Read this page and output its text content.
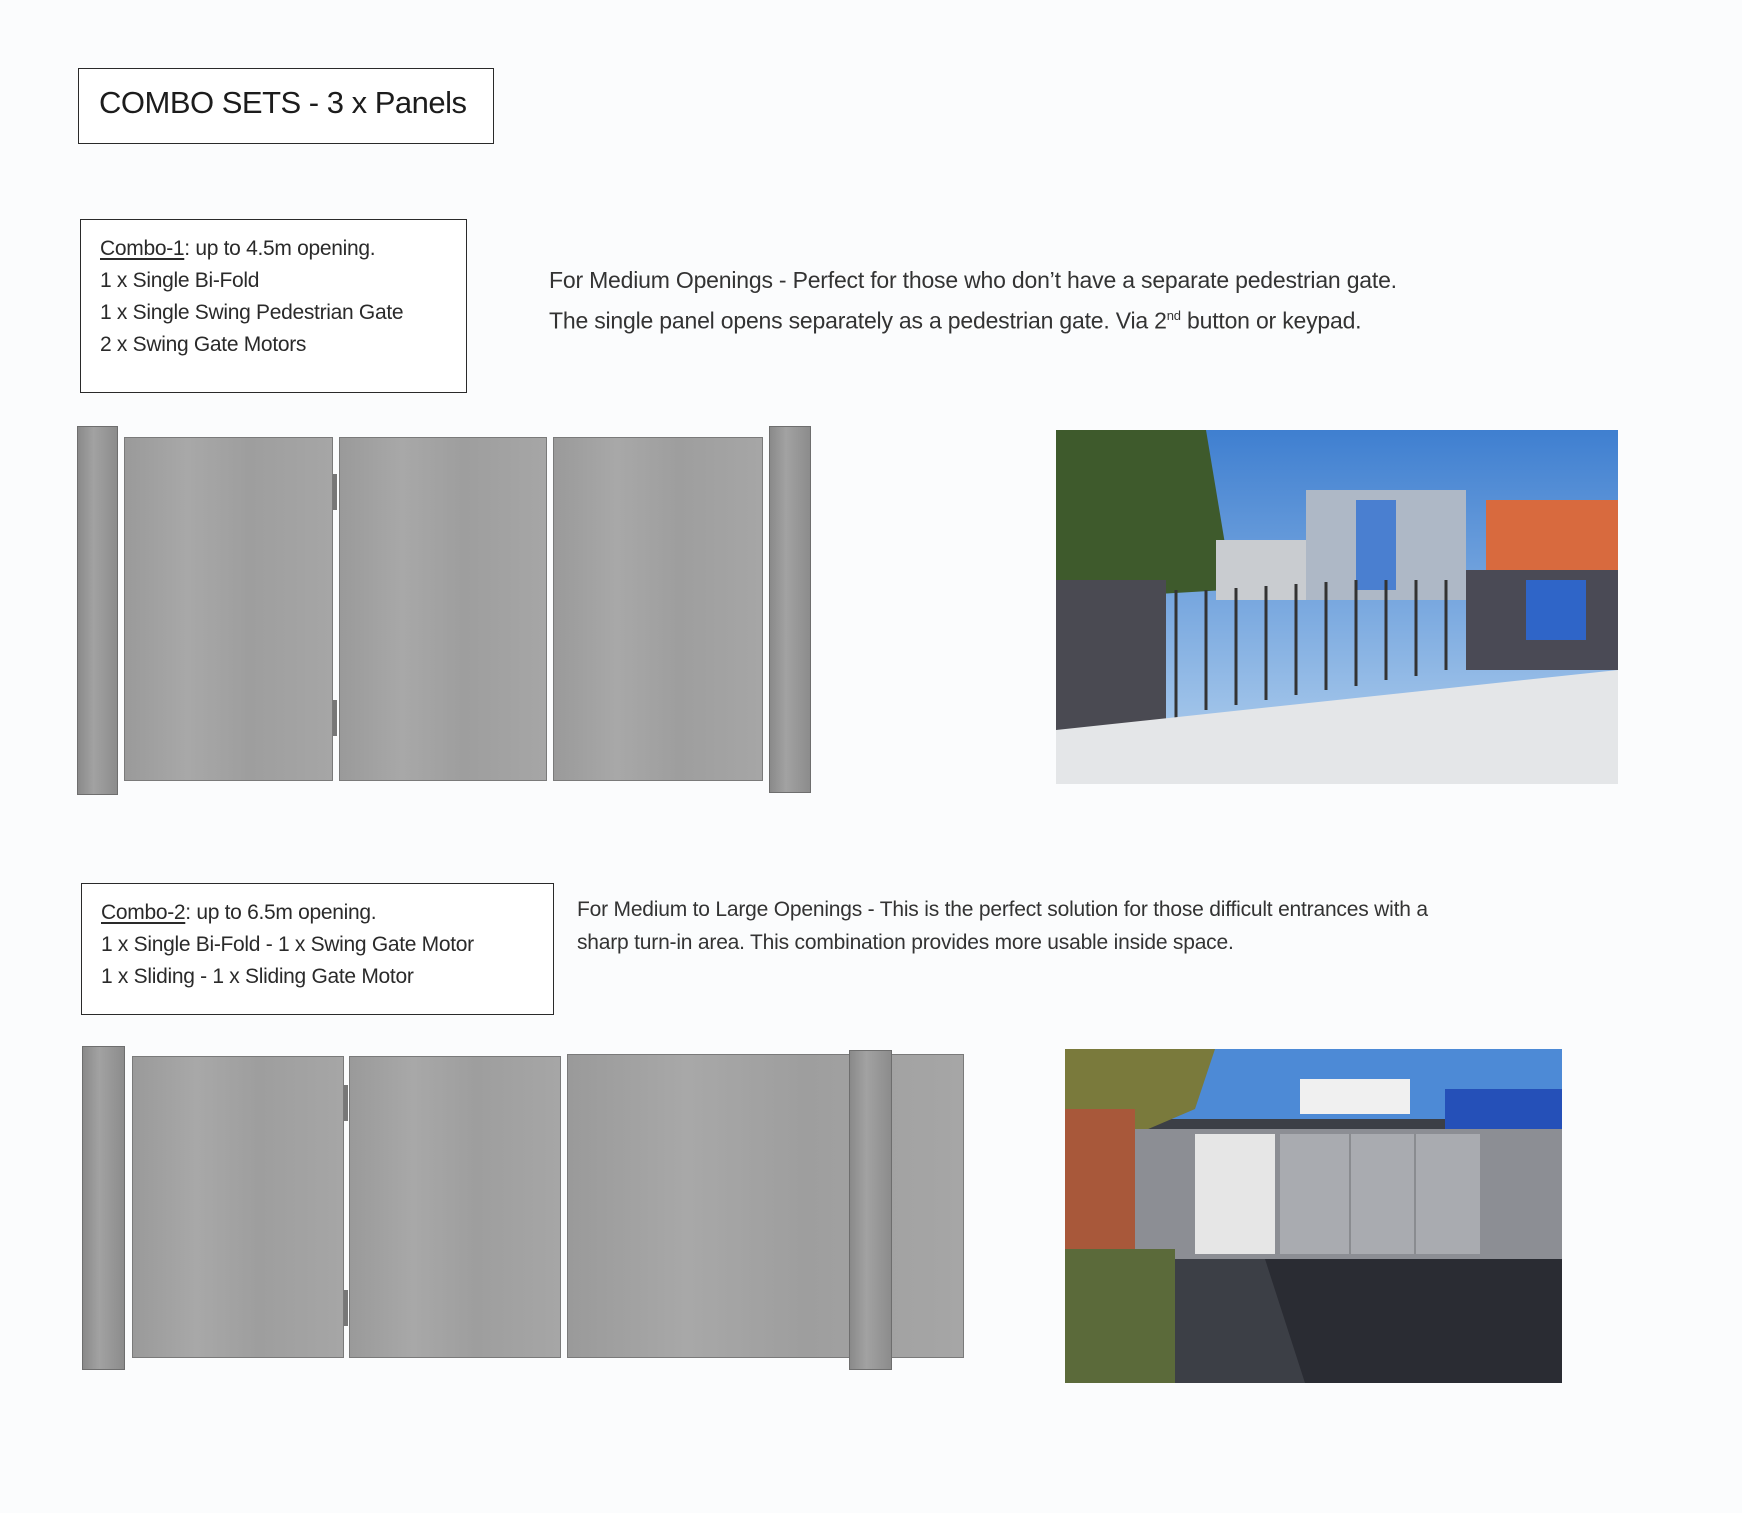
COMBO SETS - 3 x Panels
Combo-1: up to 4.5m opening.
1 x Single Bi-Fold
1 x Single Swing Pedestrian Gate
2 x Swing Gate Motors
For Medium Openings - Perfect for those who don’t have a separate pedestrian gate.
The single panel opens separately as a pedestrian gate. Via 2nd button or keypad.
Combo-2: up to 6.5m opening.
1 x Single Bi-Fold - 1 x Swing Gate Motor
1 x Sliding - 1 x Sliding Gate Motor
For Medium to Large Openings - This is the perfect solution for those difficult entrances with a
sharp turn-in area. This combination provides more usable inside space.
